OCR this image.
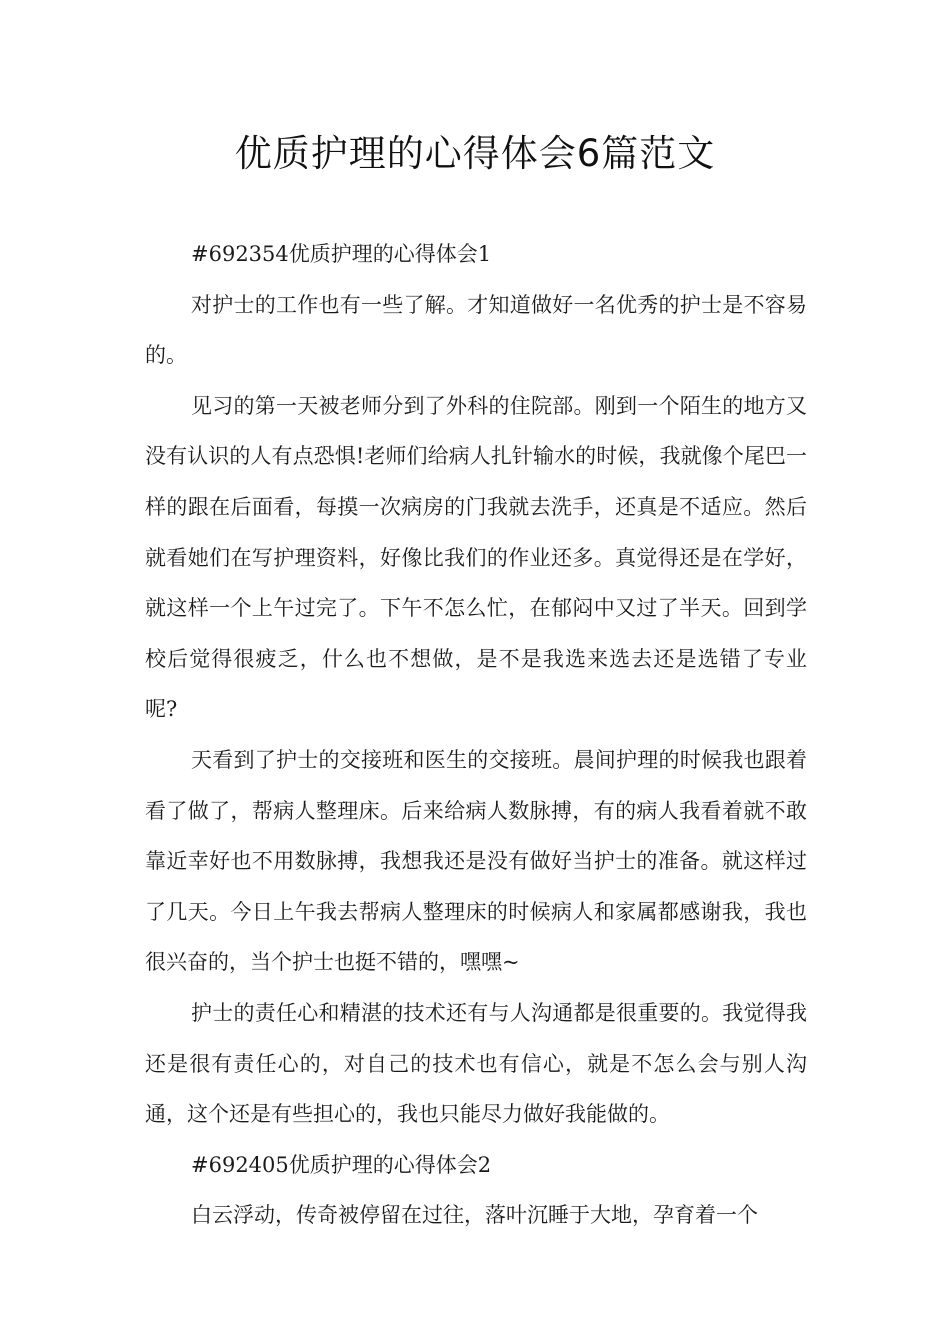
优质护理的心得体会6篇范文

#692354优质护理的心得体会1

对护士的工作也有一些了解。才知道做好一名优秀的护士是不容易的。

见习的第一天被老师分到了外科的住院部。刚到一个陌生的地方又没有认识的人有点恐惧!老师们给病人扎针输水的时候，我就像个尾巴一样的跟在后面看，每摸一次病房的门我就去洗手，还真是不适应。然后就看她们在写护理资料，好像比我们的作业还多。真觉得还是在学好，就这样一个上午过完了。下午不怎么忙，在郁闷中又过了半天。回到学校后觉得很疲乏，什么也不想做，是不是我选来选去还是选错了专业呢?

天看到了护士的交接班和医生的交接班。晨间护理的时候我也跟着看了做了，帮病人整理床。后来给病人数脉搏，有的病人我看着就不敢靠近幸好也不用数脉搏，我想我还是没有做好当护士的准备。就这样过了几天。今日上午我去帮病人整理床的时候病人和家属都感谢我，我也很兴奋的，当个护士也挺不错的，嘿嘿~

护士的责任心和精湛的技术还有与人沟通都是很重要的。我觉得我还是很有责任心的，对自己的技术也有信心，就是不怎么会与别人沟通，这个还是有些担心的，我也只能尽力做好我能做的。

#692405优质护理的心得体会2

白云浮动，传奇被停留在过往，落叶沉睡于大地，孕育着一个
